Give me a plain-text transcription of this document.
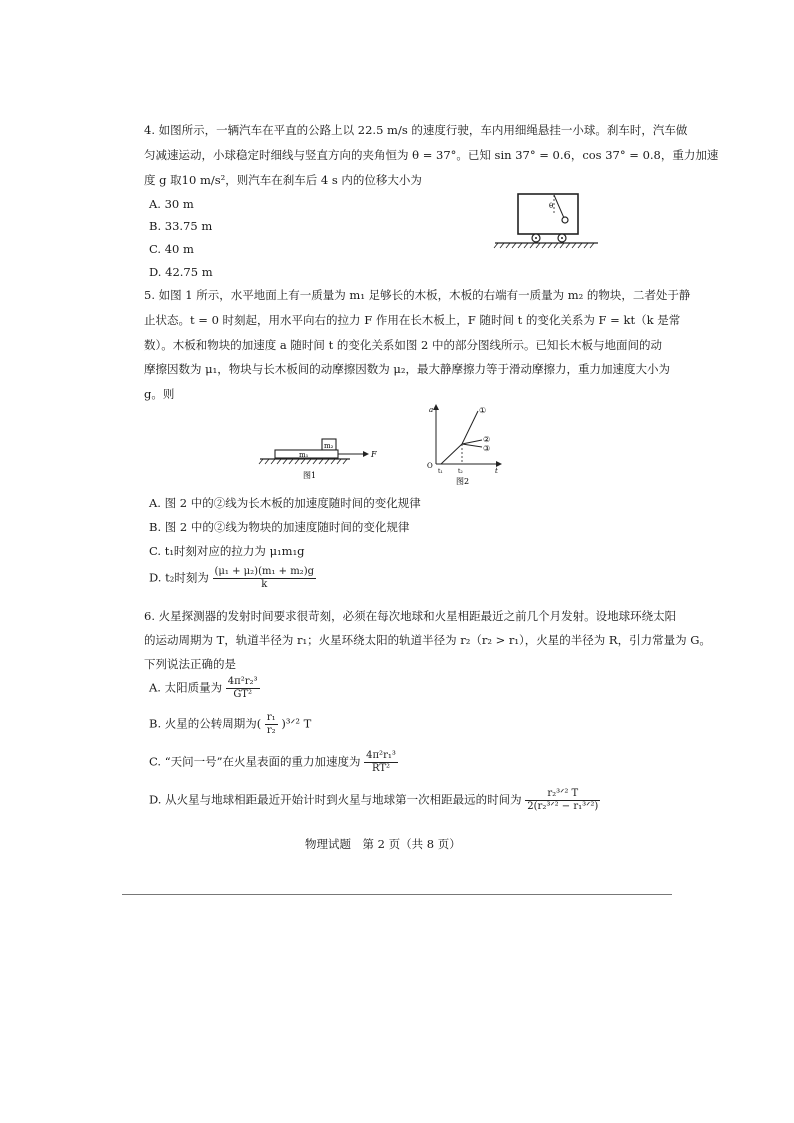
4. 如图所示，一辆汽车在平直的公路上以 22.5 m/s 的速度行驶，车内用细绳悬挂一小球。刹车时，汽车做
匀减速运动，小球稳定时细线与竖直方向的夹角恒为 θ = 37°。已知 sin 37° = 0.6，cos 37° = 0.8，重力加速
度 g 取10 m/s²，则汽车在刹车后 4 s 内的位移大小为
A. 30 m
B. 33.75 m
C. 40 m
D. 42.75 m
θ
5. 如图 1 所示，水平地面上有一质量为 m₁ 足够长的木板，木板的右端有一质量为 m₂ 的物块，二者处于静
止状态。t = 0 时刻起，用水平向右的拉力 F 作用在长木板上，F 随时间 t 的变化关系为 F = kt（k 是常
数）。木板和物块的加速度 a 随时间 t 的变化关系如图 2 中的部分图线所示。已知长木板与地面间的动
摩擦因数为 μ₁，物块与长木板间的动摩擦因数为 μ₂，最大静摩擦力等于滑动摩擦力，重力加速度大小为
g。则
m₂
m₁	F
图1
a
t
O
t₁	t₂
①
②
③
图2
A. 图 2 中的②线为长木板的加速度随时间的变化规律
B. 图 2 中的②线为物块的加速度随时间的变化规律
C. t₁时刻对应的拉力为 μ₁m₁g
D. t₂时刻为 $\frac{\text{(μ₁ + μ₂)(m₁ + m₂)g}}{k}$
6. 火星探测器的发射时间要求很苛刻，必须在每次地球和火星相距最近之前几个月发射。设地球环绕太阳
的运动周期为 T，轨道半径为 r₁；火星环绕太阳的轨道半径为 r₂（r₂ > r₁），火星的半径为 R，引力常量为 G。
下列说法正确的是
A. 太阳质量为 $\frac{\text{4π²r₂³}}{\text{GT²}}$
B. 火星的公转周期为( $\frac{\text{r₁}}{\text{r₂}}$ )³ᐟ² T
C. “天问一号”在火星表面的重力加速度为 $\frac{\text{4π²r₁³}}{\text{RT²}}$
D. 从火星与地球相距最近开始计时到火星与地球第一次相距最远的时间为 $\frac{\text{r₂³ᐟ² T}}{\text{2(r₂³ᐟ² − r₁³ᐟ²)}}$
物理试题　第 2 页（共 8 页）
